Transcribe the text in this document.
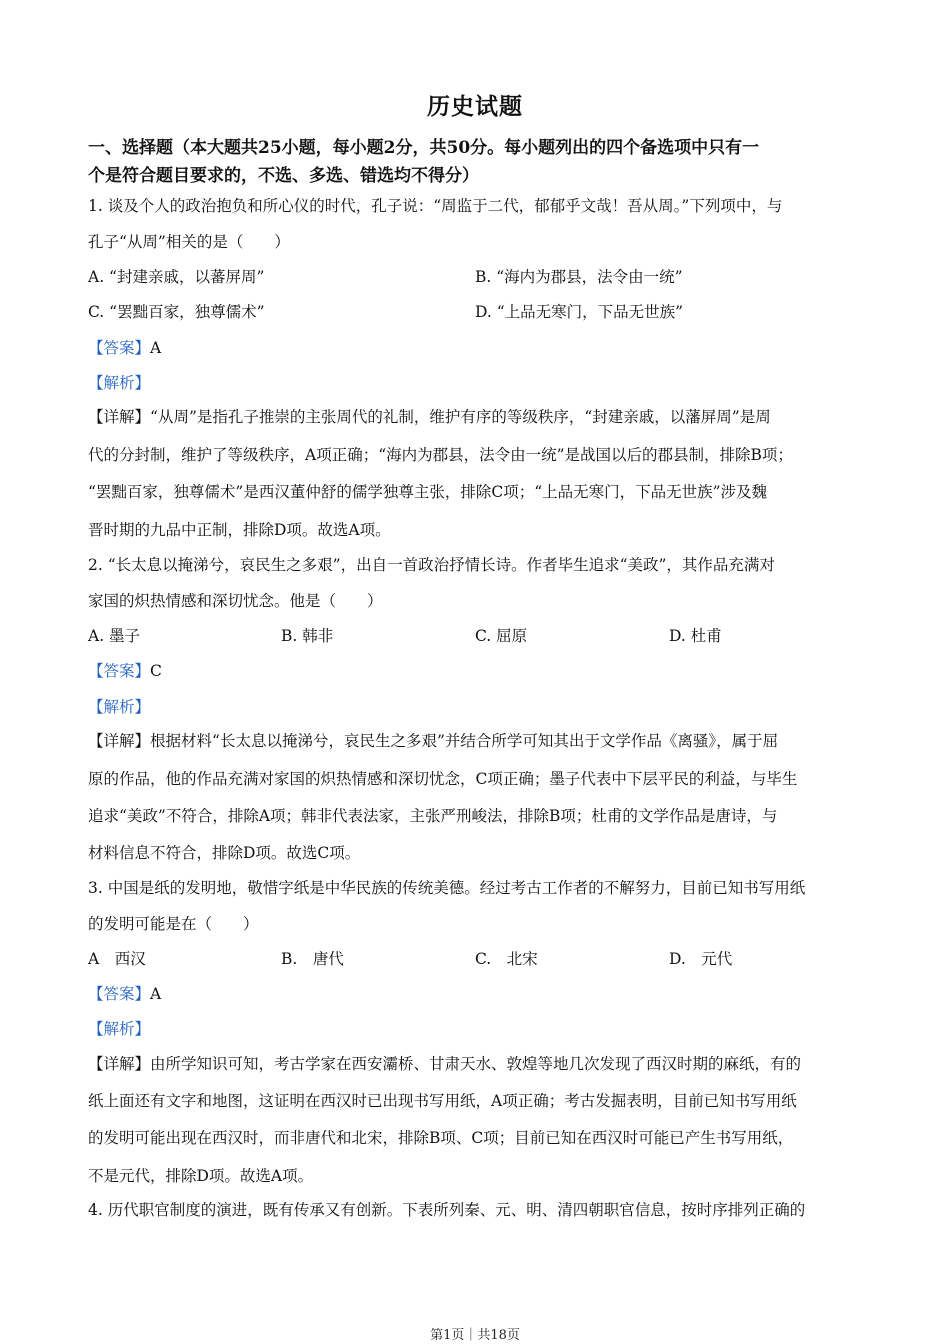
历史试题
一、选择题（本大题共25小题，每小题2分，共50分。每小题列出的四个备选项中只有一
个是符合题目要求的，不选、多选、错选均不得分）
1. 谈及个人的政治抱负和所心仪的时代，孔子说：“周监于二代，郁郁乎文哉！吾从周。”下列项中，与
孔子“从周”相关的是（　　）
A. “封建亲戚，以蕃屏周”	B. “海内为郡县，法令由一统”
C. “罢黜百家，独尊儒术”	D. “上品无寒门，下品无世族”
【答案】A
【解析】
【详解】“从周”是指孔子推崇的主张周代的礼制，维护有序的等级秩序，“封建亲戚，以藩屏周”是周
代的分封制，维护了等级秩序，A项正确；“海内为郡县，法令由一统”是战国以后的郡县制，排除B项；
“罢黜百家，独尊儒术”是西汉董仲舒的儒学独尊主张，排除C项；“上品无寒门，下品无世族”涉及魏
晋时期的九品中正制，排除D项。故选A项。
2. “长太息以掩涕兮，哀民生之多艰”，出自一首政治抒情长诗。作者毕生追求“美政”，其作品充满对
家国的炽热情感和深切忧念。他是（　　）
A. 墨子	B. 韩非	C. 屈原	D. 杜甫
【答案】C
【解析】
【详解】根据材料“长太息以掩涕兮，哀民生之多艰”并结合所学可知其出于文学作品《离骚》，属于屈
原的作品，他的作品充满对家国的炽热情感和深切忧念，C项正确；墨子代表中下层平民的利益，与毕生
追求“美政”不符合，排除A项；韩非代表法家，主张严刑峻法，排除B项；杜甫的文学作品是唐诗，与
材料信息不符合，排除D项。故选C项。
3. 中国是纸的发明地，敬惜字纸是中华民族的传统美德。经过考古工作者的不解努力，目前已知书写用纸
的发明可能是在（　　）
A　西汉	B.　唐代	C.　北宋	D.　元代
【答案】A
【解析】
【详解】由所学知识可知，考古学家在西安灞桥、甘肃天水、敦煌等地几次发现了西汉时期的麻纸，有的
纸上面还有文字和地图，这证明在西汉时已出现书写用纸，A项正确；考古发掘表明，目前已知书写用纸
的发明可能出现在西汉时，而非唐代和北宋，排除B项、C项；目前已知在西汉时可能已产生书写用纸，
不是元代，排除D项。故选A项。
4. 历代职官制度的演进，既有传承又有创新。下表所列秦、元、明、清四朝职官信息，按时序排列正确的
第1页｜共18页
